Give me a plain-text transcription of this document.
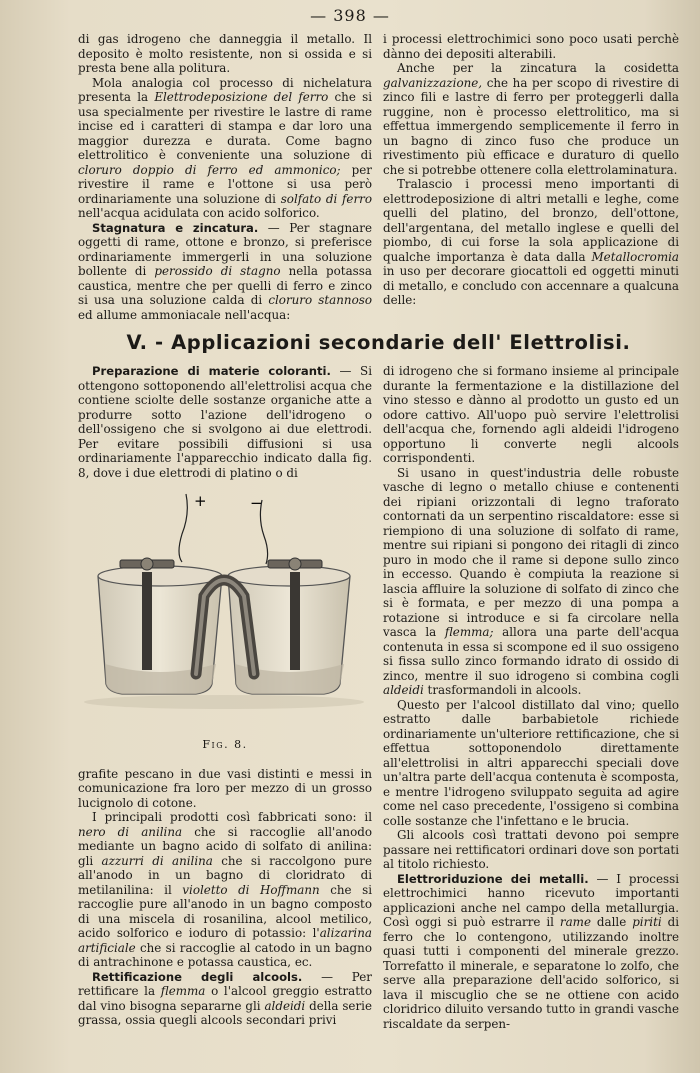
— 398 —

di gas idrogeno che danneggia il metallo. Il deposito è molto resistente, non si ossida e si presta bene alla politura.

Mola analogia col processo di nichelatura presenta la Elettrodeposizione del ferro che si usa specialmente per rivestire le lastre di rame incise ed i caratteri di stampa e dar loro una maggior durezza e durata. Come bagno elettrolitico è conveniente una soluzione di cloruro doppio di ferro ed ammonico; per rivestire il rame e l'ottone si usa però ordinariamente una soluzione di solfato di ferro nell'acqua acidulata con acido solforico.

Stagnatura e zincatura. — Per stagnare oggetti di rame, ottone e bronzo, si preferisce ordinariamente immergerli in una soluzione bollente di perossido di stagno nella potassa caustica, mentre che per quelli di ferro e zinco si usa una soluzione calda di cloruro stannoso ed allume ammoniacale nell'acqua:

i processi elettrochimici sono poco usati perchè dànno dei depositi alterabili.

Anche per la zincatura la cosidetta galvanizzazione, che ha per scopo di rivestire di zinco fili e lastre di ferro per proteggerli dalla ruggine, non è processo elettrolitico, ma si effettua immergendo semplicemente il ferro in un bagno di zinco fuso che produce un rivestimento più efficace e duraturo di quello che si potrebbe ottenere colla elettrolaminatura.

Tralascio i processi meno importanti di elettrodeposizione di altri metalli e leghe, come quelli del platino, del bronzo, dell'ottone, dell'argentana, del metallo inglese e quelli del piombo, di cui forse la sola applicazione di qualche importanza è data dalla Metallocromia in uso per decorare giocattoli ed oggetti minuti di metallo, e concludo con accennare a qualcuna delle:

V. - Applicazioni secondarie dell' Elettrolisi.

Preparazione di materie coloranti. — Si ottengono sottoponendo all'elettrolisi acqua che contiene sciolte delle sostanze organiche atte a produrre sotto l'azione dell'idrogeno o dell'ossigeno che si svolgono ai due elettrodi. Per evitare possibili diffusioni si usa ordinariamente l'apparecchio indicato dalla fig. 8, dove i due elettrodi di platino o di

+	−
Fig. 8.

grafite pescano in due vasi distinti e messi in comunicazione fra loro per mezzo di un grosso lucignolo di cotone.

I principali prodotti così fabbricati sono: il nero di anilina che si raccoglie all'anodo mediante un bagno acido di solfato di anilina: gli azzurri di anilina che si raccolgono pure all'anodo in un bagno di cloridrato di metilanilina: il violetto di Hoffmann che si raccoglie pure all'anodo in un bagno composto di una miscela di rosanilina, alcool metilico, acido solforico e ioduro di potassio: l'alizarina artificiale che si raccoglie al catodo in un bagno di antrachinone e potassa caustica, ec.

Rettificazione degli alcools. — Per rettificare la flemma o l'alcool greggio estratto dal vino bisogna separarne gli aldeidi della serie grassa, ossia quegli alcools secondari privi

di idrogeno che si formano insieme al principale durante la fermentazione e la distillazione del vino stesso e dànno al prodotto un gusto ed un odore cattivo. All'uopo può servire l'elettrolisi dell'acqua che, fornendo agli aldeidi l'idrogeno opportuno li converte negli alcools corrispondenti.

Si usano in quest'industria delle robuste vasche di legno o metallo chiuse e contenenti dei ripiani orizzontali di legno traforato contornati da un serpentino riscaldatore: esse si riempiono di una soluzione di solfato di rame, mentre sui ripiani si pongono dei ritagli di zinco puro in modo che il rame si depone sullo zinco in eccesso. Quando è compiuta la reazione si lascia affluire la soluzione di solfato di zinco che si è formata, e per mezzo di una pompa a rotazione si introduce e si fa circolare nella vasca la flemma; allora una parte dell'acqua contenuta in essa si scompone ed il suo ossigeno si fissa sullo zinco formando idrato di ossido di zinco, mentre il suo idrogeno si combina cogli aldeidi trasformandoli in alcools.

Questo per l'alcool distillato dal vino; quello estratto dalle barbabietole richiede ordinariamente un'ulteriore rettificazione, che si effettua sottoponendolo direttamente all'elettrolisi in altri apparecchi speciali dove un'altra parte dell'acqua contenuta è scomposta, e mentre l'idrogeno sviluppato seguita ad agire come nel caso precedente, l'ossigeno si combina colle sostanze che l'infettano e le brucia.

Gli alcools così trattati devono poi sempre passare nei rettificatori ordinari dove son portati al titolo richiesto.

Elettroriduzione dei metalli. — I processi elettrochimici hanno ricevuto importanti applicazioni anche nel campo della metallurgia. Così oggi si può estrarre il rame dalle piriti di ferro che lo contengono, utilizzando inoltre quasi tutti i componenti del minerale grezzo. Torrefatto il minerale, e separatone lo zolfo, che serve alla preparazione dell'acido solforico, si lava il miscuglio che se ne ottiene con acido cloridrico diluito versando tutto in grandi vasche riscaldate da serpen-
